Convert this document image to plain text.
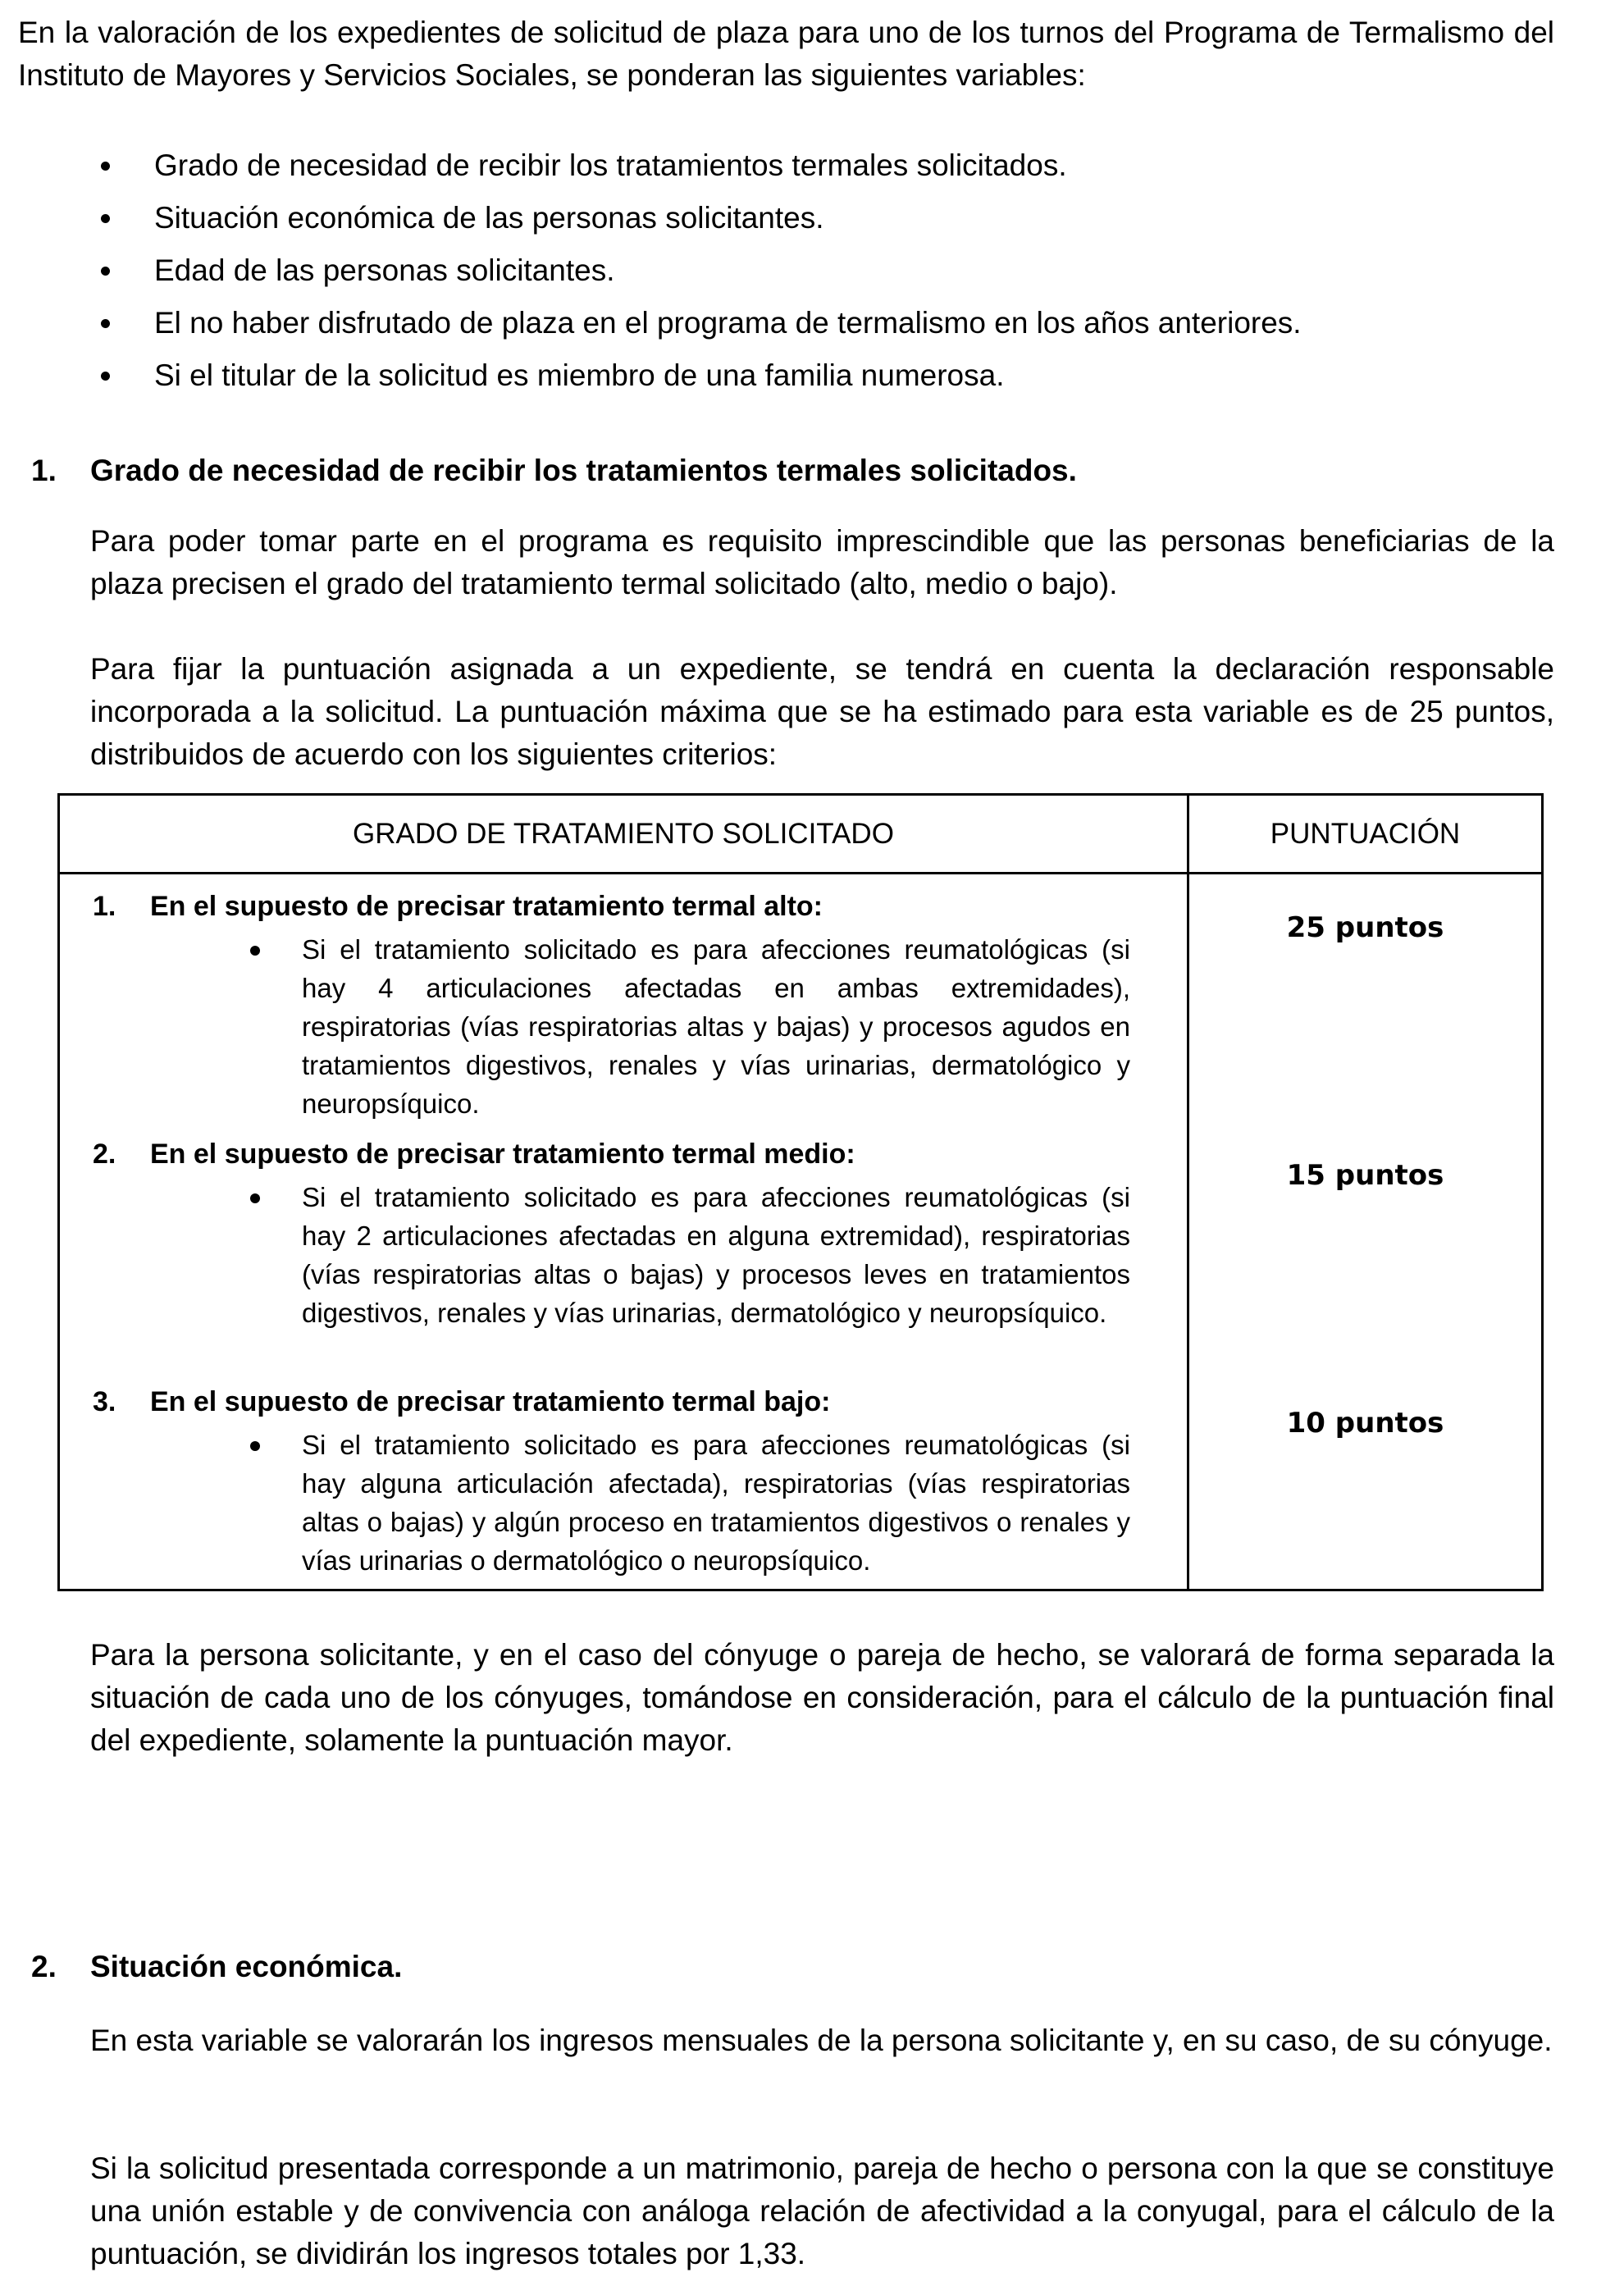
En la valoración de los expedientes de solicitud de plaza para uno de los turnos del Programa de Termalismo del Instituto de Mayores y Servicios Sociales, se ponderan las siguientes variables:
Grado de necesidad de recibir los tratamientos termales solicitados.
Situación económica de las personas solicitantes.
Edad de las personas solicitantes.
El no haber disfrutado de plaza en el programa de termalismo en los años anteriores.
Si el titular de la solicitud es miembro de una familia numerosa.
1. Grado de necesidad de recibir los tratamientos termales solicitados.
Para poder tomar parte en el programa es requisito imprescindible que las personas beneficiarias de la plaza precisen el grado del tratamiento termal solicitado (alto, medio o bajo).
Para fijar la puntuación asignada a un expediente, se tendrá en cuenta la declaración responsable incorporada a la solicitud. La puntuación máxima que se ha estimado para esta variable es de 25 puntos, distribuidos de acuerdo con los siguientes criterios:
GRADO DE TRATAMIENTO SOLICITADO	PUNTUACIÓN
1. En el supuesto de precisar tratamiento termal alto:
Si el tratamiento solicitado es para afecciones reumatológicas (si hay 4 articulaciones afectadas en ambas extremidades), respiratorias (vías respiratorias altas y bajas) y procesos agudos en tratamientos digestivos, renales y vías urinarias, dermatológico y neuropsíquico.
2. En el supuesto de precisar tratamiento termal medio:
Si el tratamiento solicitado es para afecciones reumatológicas (si hay 2 articulaciones afectadas en alguna extremidad), respiratorias (vías respiratorias altas o bajas) y procesos leves en tratamientos digestivos, renales y vías urinarias, dermatológico y neuropsíquico.
3. En el supuesto de precisar tratamiento termal bajo:
Si el tratamiento solicitado es para afecciones reumatológicas (si hay alguna articulación afectada), respiratorias (vías respiratorias altas o bajas) y algún proceso en tratamientos digestivos o renales y vías urinarias o dermatológico o neuropsíquico.
25 puntos
15 puntos
10 puntos
Para la persona solicitante, y en el caso del cónyuge o pareja de hecho, se valorará de forma separada la situación de cada uno de los cónyuges, tomándose en consideración, para el cálculo de la puntuación final del expediente, solamente la puntuación mayor.
2. Situación económica.
En esta variable se valorarán los ingresos mensuales de la persona solicitante y, en su caso, de su cónyuge.
Si la solicitud presentada corresponde a un matrimonio, pareja de hecho o persona con la que se constituye una unión estable y de convivencia con análoga relación de afectividad a la conyugal, para el cálculo de la puntuación, se dividirán los ingresos totales por 1,33.
